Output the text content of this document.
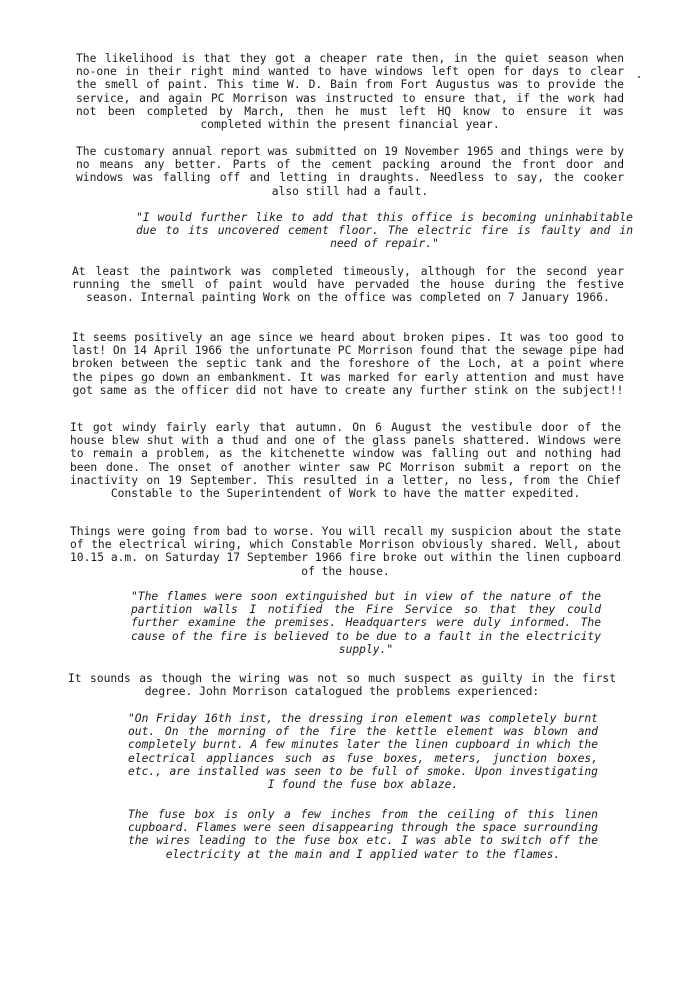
The likelihood is that they got a cheaper rate then, in the quiet season when no-one in their right mind wanted to have windows left open for days to clear the smell of paint. This time W. D. Bain from Fort Augustus was to provide the service, and again PC Morrison was instructed to ensure that, if the work had not been completed by March, then he must left HQ know to ensure it was completed within the present financial year.
The customary annual report was submitted on 19 November 1965 and things were by no means any better. Parts of the cement packing around the front door and windows was falling off and letting in draughts. Needless to say, the cooker also still had a fault.
"I would further like to add that this office is becoming uninhabitable due to its uncovered cement floor. The electric fire is faulty and in need of repair."
At least the paintwork was completed timeously, although for the second year running the smell of paint would have pervaded the house during the festive season. Internal painting Work on the office was completed on 7 January 1966.
It seems positively an age since we heard about broken pipes. It was too good to last! On 14 April 1966 the unfortunate PC Morrison found that the sewage pipe had broken between the septic tank and the foreshore of the Loch, at a point where the pipes go down an embankment. It was marked for early attention and must have got same as the officer did not have to create any further stink on the subject!!
It got windy fairly early that autumn. On 6 August the vestibule door of the house blew shut with a thud and one of the glass panels shattered. Windows were to remain a problem, as the kitchenette window was falling out and nothing had been done. The onset of another winter saw PC Morrison submit a report on the inactivity on 19 September. This resulted in a letter, no less, from the Chief Constable to the Superintendent of Work to have the matter expedited.
Things were going from bad to worse. You will recall my suspicion about the state of the electrical wiring, which Constable Morrison obviously shared. Well, about 10.15 a.m. on Saturday 17 September 1966 fire broke out within the linen cupboard of the house.
"The flames were soon extinguished but in view of the nature of the partition walls I notified the Fire Service so that they could further examine the premises. Headquarters were duly informed. The cause of the fire is believed to be due to a fault in the electricity supply."
It sounds as though the wiring was not so much suspect as guilty in the first degree. John Morrison catalogued the problems experienced:
"On Friday 16th inst, the dressing iron element was completely burnt out. On the morning of the fire the kettle element was blown and completely burnt. A few minutes later the linen cupboard in which the electrical appliances such as fuse boxes, meters, junction boxes, etc., are installed was seen to be full of smoke. Upon investigating I found the fuse box ablaze.
The fuse box is only a few inches from the ceiling of this linen cupboard. Flames were seen disappearing through the space surrounding the wires leading to the fuse box etc. I was able to switch off the electricity at the main and I applied water to the flames.
